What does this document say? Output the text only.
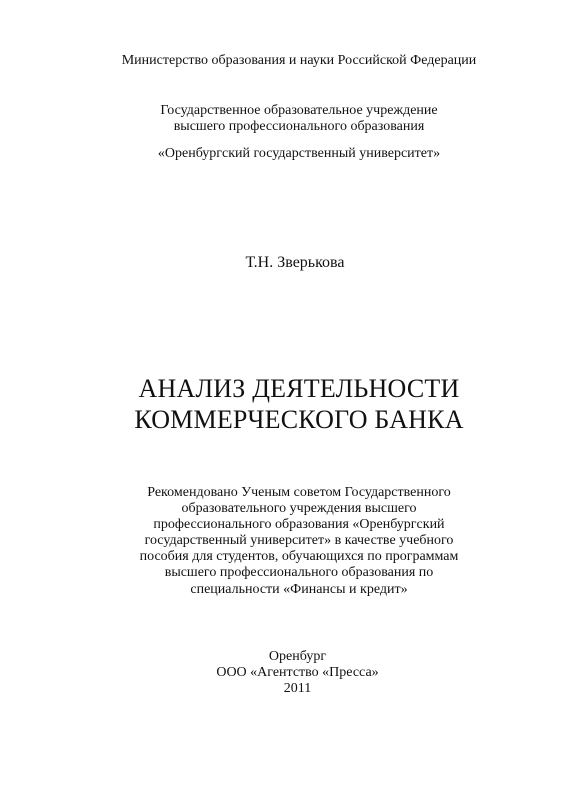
Министерство образования и науки Российской Федерации
Государственное образовательное учреждение
высшего профессионального образования
«Оренбургский государственный университет»
Т.Н. Зверькова
АНАЛИЗ ДЕЯТЕЛЬНОСТИ
КОММЕРЧЕСКОГО БАНКА
Рекомендовано Ученым советом Государственного
образовательного учреждения высшего
профессионального образования «Оренбургский
государственный университет» в качестве учебного
пособия для студентов, обучающихся по программам
высшего профессионального образования по
специальности «Финансы и кредит»
Оренбург
ООО «Агентство «Пресса»
2011
